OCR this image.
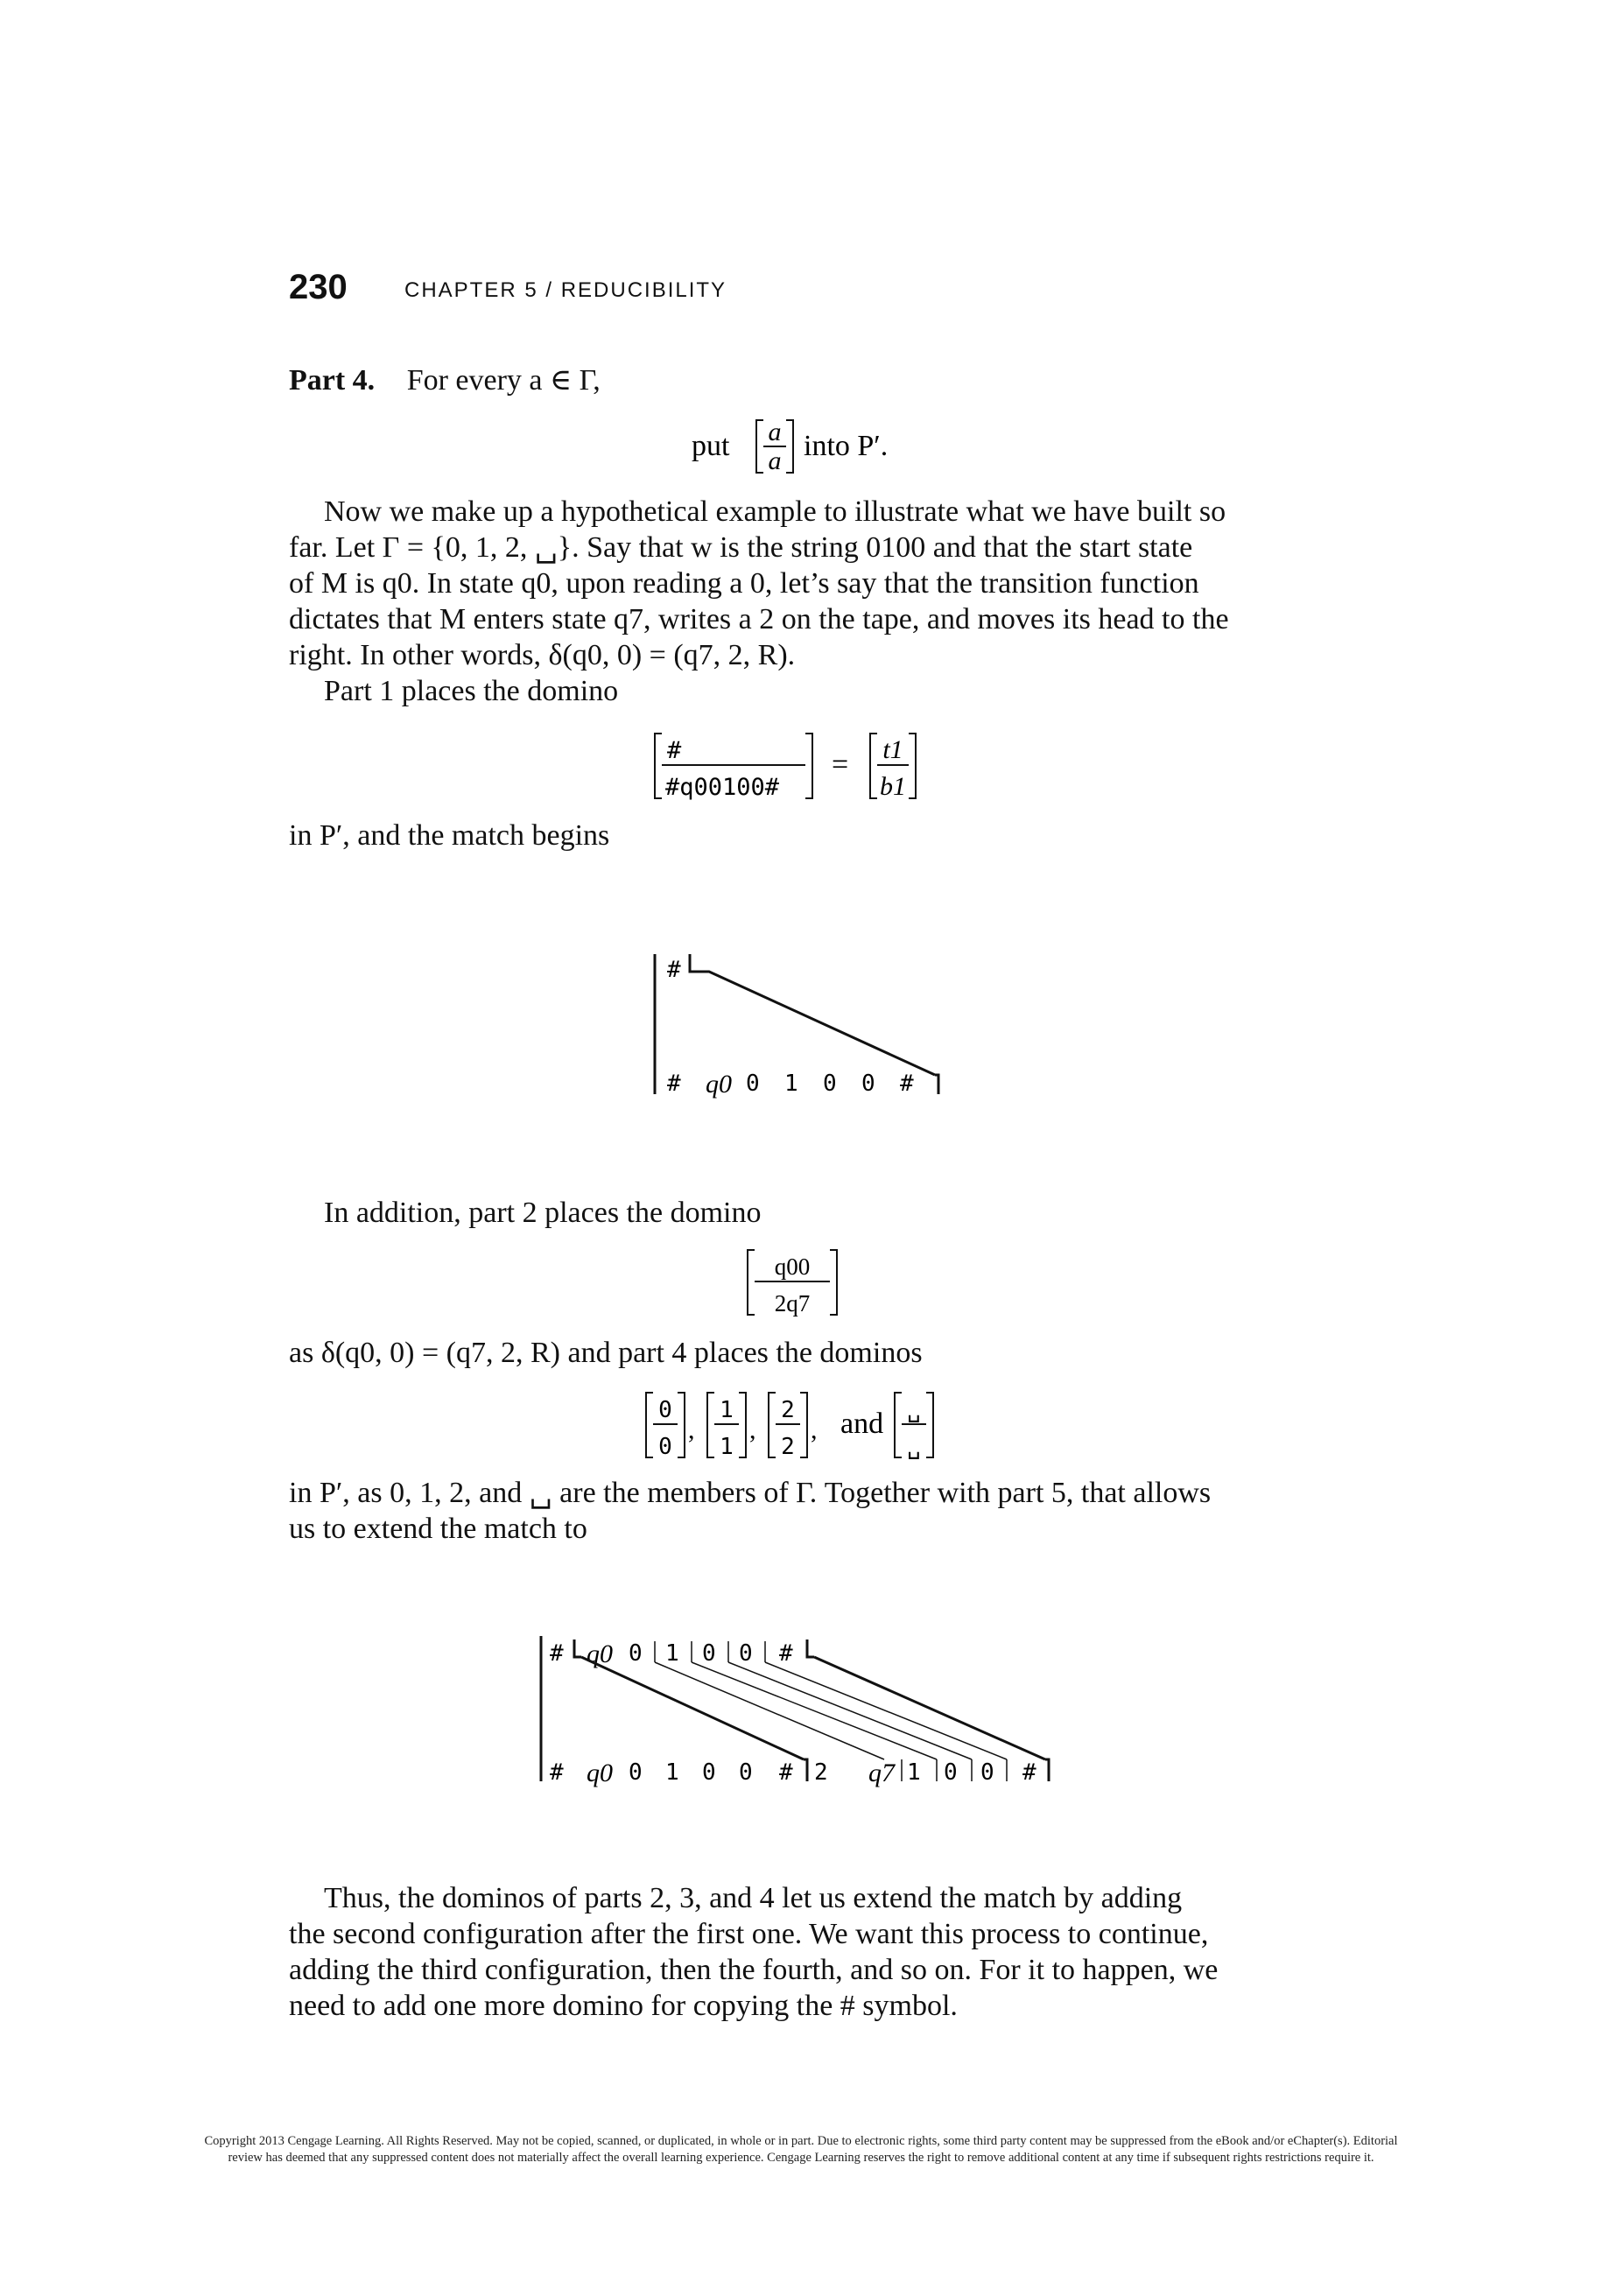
230	CHAPTER 5 / REDUCIBILITY
Part 4. For every a ∈ Γ,
put a
a into P′.
Now we make up a hypothetical example to illustrate what we have built so
far. Let Γ = {0, 1, 2, ␣}. Say that w is the string 0100 and that the start state
of M is q0. In state q0, upon reading a 0, let’s say that the transition function
dictates that M enters state q7, writes a 2 on the tape, and moves its head to the
right. In other words, δ(q0, 0) = (q7, 2, R).
Part 1 places the domino
#
#q00100#
= t1
b1
in P′, and the match begins
#
# q0 0 1 0 0 #
In addition, part 2 places the domino
q00
2q7
as δ(q0, 0) = (q7, 2, R) and part 4 places the dominos
0
0
,
1
1
,
2
2
, and ␣
␣
in P′, as 0, 1, 2, and ␣ are the members of Γ. Together with part 5, that allows
us to extend the match to
# q0 0 1 0 0 #
# q0 0 1 0 0 # 2 q7 1 0 0 #
Thus, the dominos of parts 2, 3, and 4 let us extend the match by adding
the second configuration after the first one. We want this process to continue,
adding the third configuration, then the fourth, and so on. For it to happen, we
need to add one more domino for copying the # symbol.
Copyright 2013 Cengage Learning. All Rights Reserved. May not be copied, scanned, or duplicated, in whole or in part. Due to electronic rights, some third party content may be suppressed from the eBook and/or eChapter(s). Editorial review has deemed that any suppressed content does not materially affect the overall learning experience. Cengage Learning reserves the right to remove additional content at any time if subsequent rights restrictions require it.
